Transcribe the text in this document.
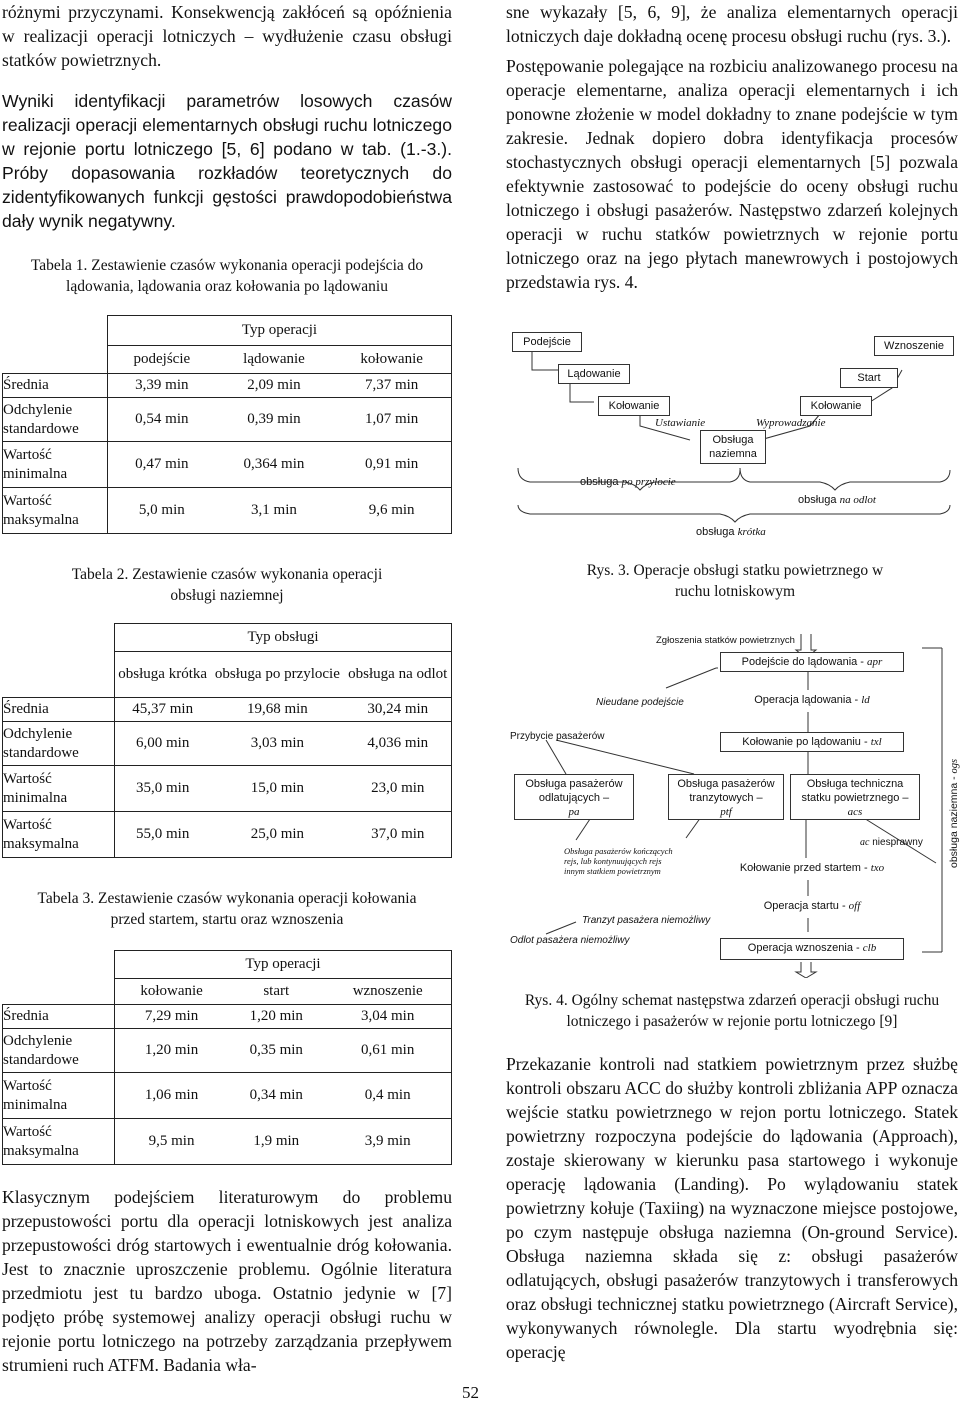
różnymi przyczynami. Konsekwencją zakłóceń są opóźnienia w realizacji operacji lotniczych – wydłużenie czasu obsługi statków powietrznych.

Wyniki identyfikacji parametrów losowych czasów realizacji operacji elementarnych obsługi ruchu lotniczego w rejonie portu lotniczego [5, 6] podano w tab. (1.-3.). Próby dopasowania rozkładów teoretycznych do zidentyfikowanych funkcji gęstości prawdopodobieństwa dały wynik negatywny.

Tabela 1. Zestawienie czasów wykonania operacji podejścia do lądowania, lądowania oraz kołowania po lądowaniu
	Typ operacji		
	podejście	lądowanie	kołowanie
Średnia	3,39 min	2,09 min	7,37 min
Odchylenie standardowe	0,54 min	0,39 min	1,07 min
Wartość minimalna	0,47 min	0,364 min	0,91 min
Wartość maksymalna	5,0 min	3,1 min	9,6 min
Tabela 2. Zestawienie czasów wykonania operacji obsługi naziemnej
	Typ obsługi		
	obsługa krótka	obsługa po przylocie	obsługa na odlot
Średnia	45,37 min	19,68 min	30,24 min
Odchylenie standardowe	6,00 min	3,03 min	4,036 min
Wartość minimalna	35,0 min	15,0 min	23,0 min
Wartość maksymalna	55,0 min	25,0 min	37,0 min
Tabela 3. Zestawienie czasów wykonania operacji kołowania przed startem, startu oraz wznoszenia
	Typ operacji		
	kołowanie	start	wznoszenie
Średnia	7,29 min	1,20 min	3,04 min
Odchylenie standardowe	1,20 min	0,35 min	0,61 min
Wartość minimalna	1,06 min	0,34 min	0,4 min
Wartość maksymalna	9,5 min	1,9 min	3,9 min

Klasycznym podejściem literaturowym do problemu przepustowości portu dla operacji lotniskowych jest analiza przepustowości dróg startowych i ewentualnie dróg kołowania. Jest to znacznie uproszczenie problemu. Ogólnie literatura przedmiotu jest tu bardzo uboga. Ostatnio jedynie w [7] podjęto próbę systemowej analizy operacji obsługi ruchu w rejonie portu lotniczego na potrzeby zarządzania przepływem strumieni ruch ATFM. Badania wła-

sne wykazały [5, 6, 9], że analiza elementarnych operacji lotniczych daje dokładną ocenę procesu obsługi ruchu (rys. 3.).

Postępowanie polegające na rozbiciu analizowanego procesu na operacje elementarne, analiza operacji elementarnych i ich ponowne złożenie w model dokładny to znane podejście w tym zakresie. Jednak dopiero dobra identyfikacja procesów stochastycznych obsługi operacji elementarnych [5] pozwala efektywnie zastosować to podejście do oceny obsługi ruchu lotniczego i obsługi pasażerów. Następstwo zdarzeń kolejnych operacji w ruchu statków powietrznych w rejonie portu lotniczego oraz na jego płytach manewrowych i postojowych przedstawia rys. 4.

Podejście
Lądowanie
Kołowanie
Ustawianie	Wyprowadzanie
Obsługa naziemna
Kołowanie
Start
Wznoszenie
obsługa po przylocie
obsługa na odlot
obsługa krótka
Rys. 3. Operacje obsługi statku powietrznego w ruchu lotniskowym
Zgłoszenia statków powietrznych
Podejście do lądowania - apr
Nieudane podejście	Operacja lądowania - ld
Przybycie pasażerów	Kołowanie po lądowaniu - txl
Obsługa pasażerów odlatujących –
pa
Obsługa pasażerów tranzytowych –
ptf
Obsługa techniczna statku powietrznego –
acs
ac niesprawny
Obsługa pasażerów kończących rejs, lub kontynuujących rejs innym statkiem powietrznym	Kołowanie przed startem - txo
Operacja startu - off
Tranzyt pasażera niemożliwy
Odlot pasażera niemożliwy
Operacja wznoszenia - clb
obsługa naziemna - ogs
Rys. 4. Ogólny schemat następstwa zdarzeń operacji obsługi ruchu lotniczego i pasażerów w rejonie portu lotniczego [9]

Przekazanie kontroli nad statkiem powietrznym przez służbę kontroli obszaru ACC do służby kontroli zbliżania APP oznacza wejście statku powietrznego w rejon portu lotniczego. Statek powietrzny rozpoczyna podejście do lądowania (Approach), zostaje skierowany w kierunku pasa startowego i wykonuje operację lądowania (Landing). Po wylądowaniu statek powietrzny kołuje (Taxiing) na wyznaczone miejsce postojowe, po czym następuje obsługa naziemna (On-ground Service). Obsługa naziemna składa się z: obsługi pasażerów odlatujących, obsługi pasażerów tranzytowych i transferowych oraz obsługi technicznej statku powietrznego (Aircraft Service), wykonywanych równolegle. Dla startu wyodrębnia się: operację

52
